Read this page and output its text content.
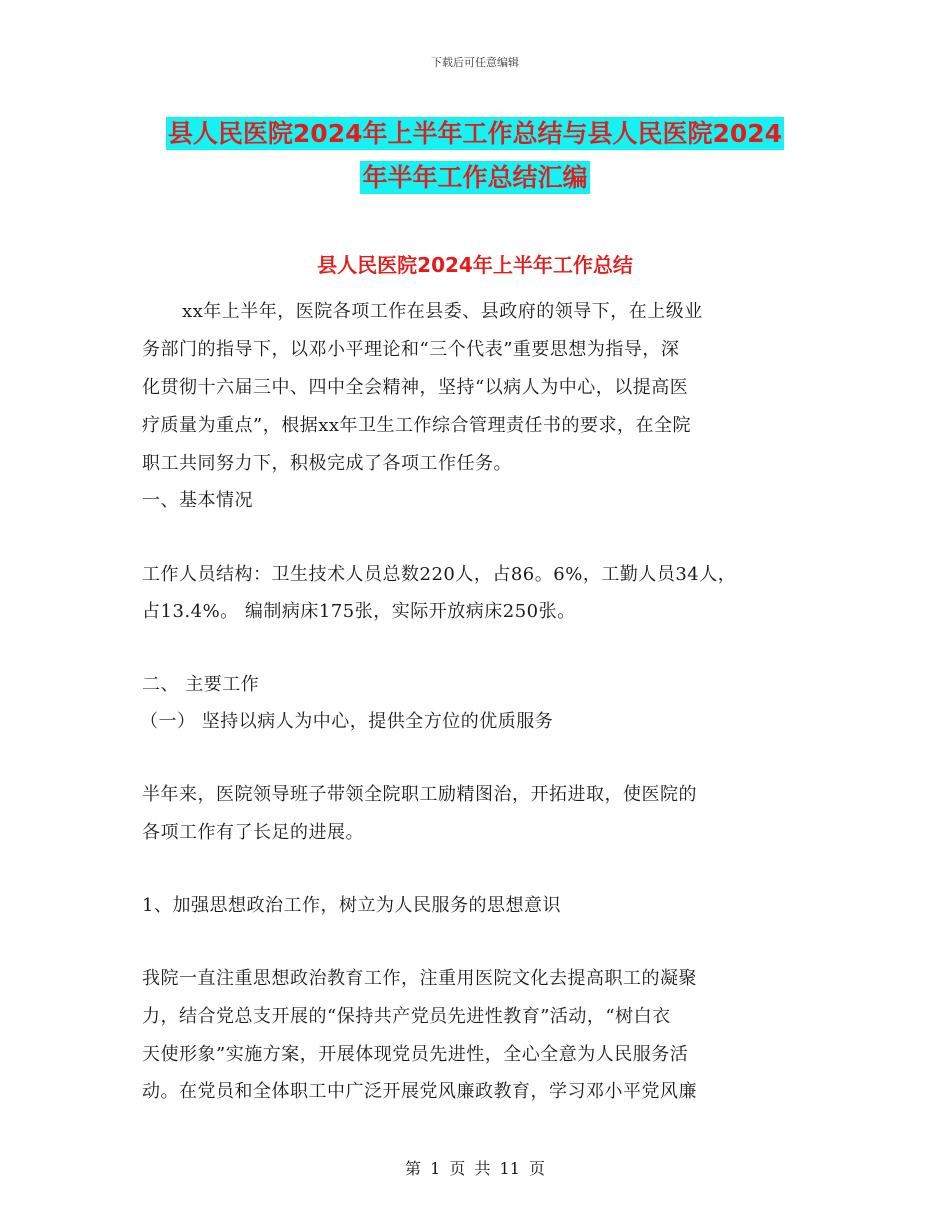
下载后可任意编辑
县人民医院2024年上半年工作总结与县人民医院2024
年半年工作总结汇编
县人民医院2024年上半年工作总结
xx年上半年，医院各项工作在县委、县政府的领导下，在上级业
务部门的指导下，以邓小平理论和“三个代表”重要思想为指导，深
化贯彻十六届三中、四中全会精神，坚持“以病人为中心，以提高医
疗质量为重点”，根据xx年卫生工作综合管理责任书的要求，在全院
职工共同努力下，积极完成了各项工作任务。
一、基本情况
工作人员结构：卫生技术人员总数220人，占86。6%，工勤人员34人，
占13.4%。 编制病床175张，实际开放病床250张。
二、 主要工作
（一） 坚持以病人为中心，提供全方位的优质服务
半年来，医院领导班子带领全院职工励精图治，开拓进取，使医院的
各项工作有了长足的进展。
1、加强思想政治工作，树立为人民服务的思想意识
我院一直注重思想政治教育工作，注重用医院文化去提高职工的凝聚
力，结合党总支开展的“保持共产党员先进性教育”活动，“树白衣
天使形象”实施方案，开展体现党员先进性，全心全意为人民服务活
动。在党员和全体职工中广泛开展党风廉政教育，学习邓小平党风廉
第 1 页 共 11 页
